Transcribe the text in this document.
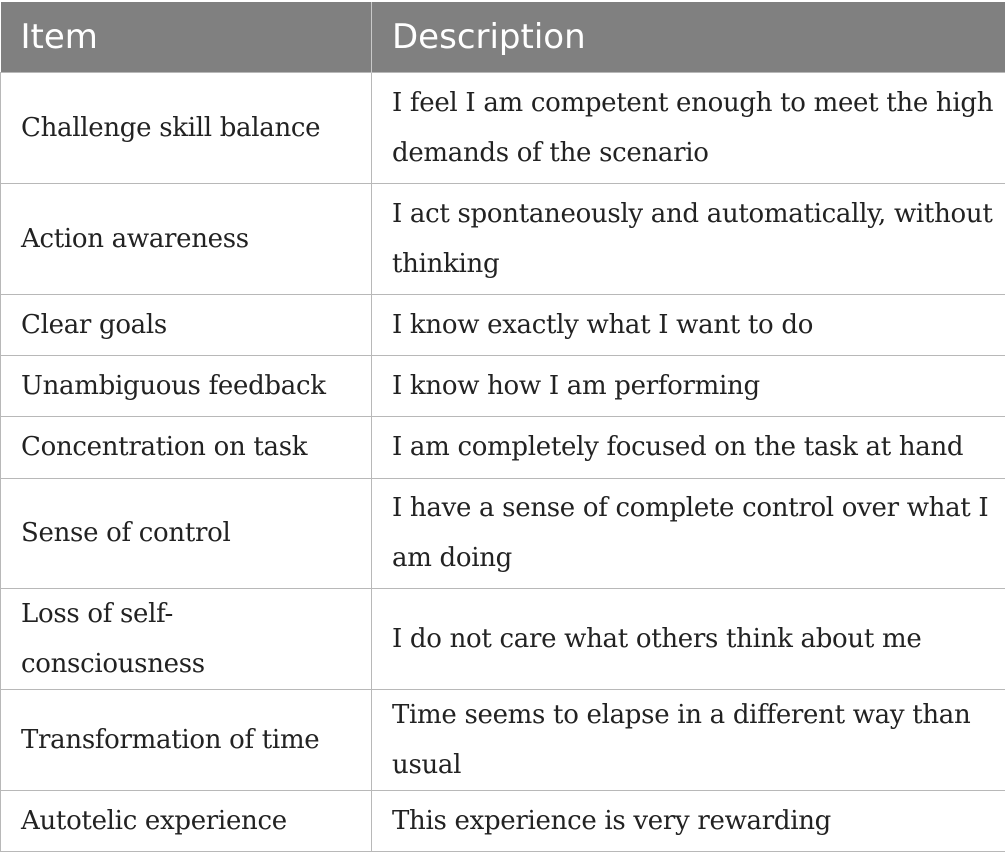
Item	Description
Challenge skill balance	I feel I am competent enough to meet the high demands of the scenario
Action awareness	I act spontaneously and automatically, without thinking
Clear goals	I know exactly what I want to do
Unambiguous feedback	I know how I am performing
Concentration on task	I am completely focused on the task at hand
Sense of control	I have a sense of complete control over what I am doing
Loss of self- consciousness	I do not care what others think about me
Transformation of time	Time seems to elapse in a different way than usual
Autotelic experience	This experience is very rewarding
